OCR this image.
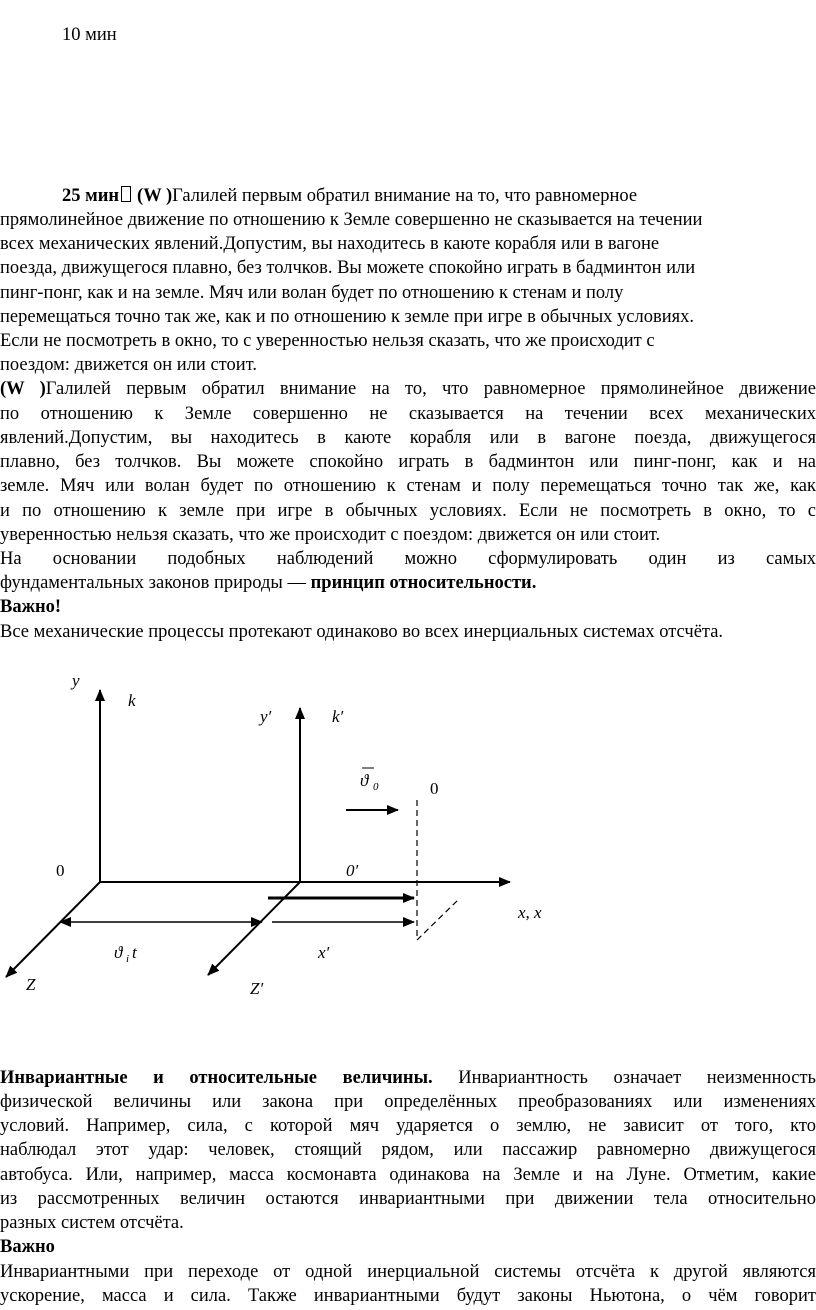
10 мин
25 мин (W )Галилей первым обратил внимание на то, что равномерное
прямолинейное движение по отношению к Земле совершенно не сказывается на течении
всех механических явлений.Допустим, вы находитесь в каюте корабля или в вагоне
поезда, движущегося плавно, без толчков. Вы можете спокойно играть в бадминтон или
пинг-понг, как и на земле. Мяч или волан будет по отношению к стенам и полу
перемещаться точно так же, как и по отношению к земле при игре в обычных условиях.
Если не посмотреть в окно, то с уверенностью нельзя сказать, что же происходит с
поездом: движется он или стоит.
(W )Галилей первым обратил внимание на то, что равномерное прямолинейное движение
по отношению к Земле совершенно не сказывается на течении всех механических
явлений.Допустим, вы находитесь в каюте корабля или в вагоне поезда, движущегося
плавно, без толчков. Вы можете спокойно играть в бадминтон или пинг-понг, как и на
земле. Мяч или волан будет по отношению к стенам и полу перемещаться точно так же, как
и по отношению к земле при игре в обычных условиях. Если не посмотреть в окно, то с
уверенностью нельзя сказать, что же происходит с поездом: движется он или стоит.
На основании подобных наблюдений можно сформулировать один из самых
фундаментальных законов природы — принцип относительности.
Важно!
Все механические процессы протекают одинаково во всех инерциальных системах отсчёта.
y
k
y′	k′
ϑ 0	0
0	0′
x, x
ϑ i t	x′
Z	Z′
Инвариантные и относительные величины. Инвариантность означает неизменность
физической величины или закона при определённых преобразованиях или изменениях
условий. Например, сила, с которой мяч ударяется о землю, не зависит от того, кто
наблюдал этот удар: человек, стоящий рядом, или пассажир равномерно движущегося
автобуса. Или, например, масса космонавта одинакова на Земле и на Луне. Отметим, какие
из рассмотренных величин остаются инвариантными при движении тела относительно
разных систем отсчёта.
Важно
Инвариантными при переходе от одной инерциальной системы отсчёта к другой являются
ускорение, масса и сила. Также инвариантными будут законы Ньютона, о чём говорит
